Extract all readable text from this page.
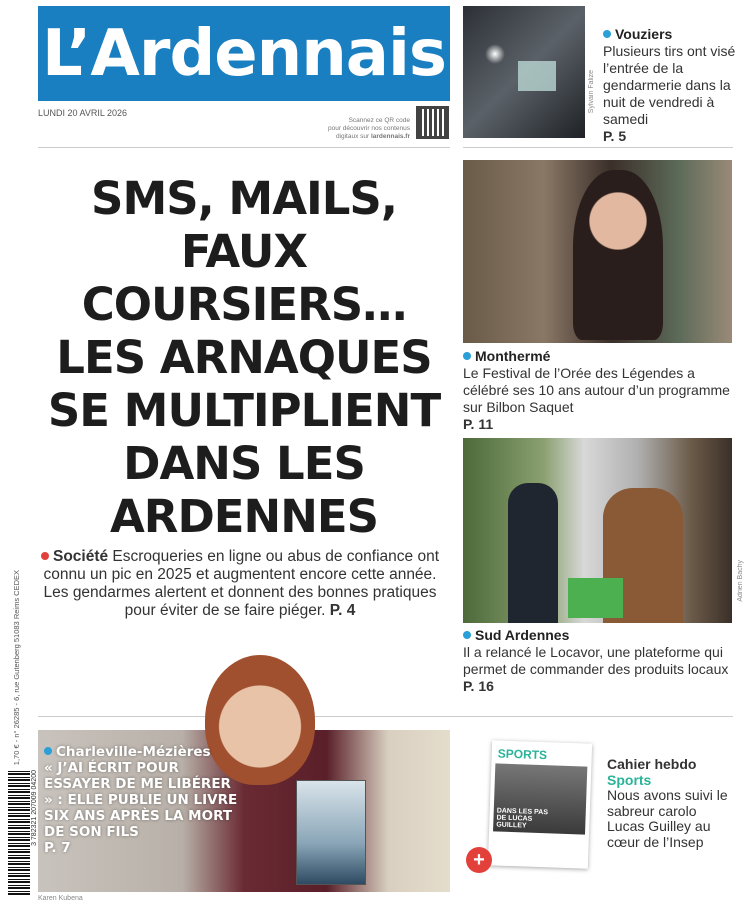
L’Ardennais
LUNDI 20 AVRIL 2026
Scannez ce QR code
pour découvrir nos contenus
digitaux sur lardennais.fr
SMS, MAILS, FAUX COURSIERS… LES ARNAQUES SE MULTIPLIENT DANS LES ARDENNES
Société Escroqueries en ligne ou abus de confiance ont connu un pic en 2025 et augmentent encore cette année. Les gendarmes alertent et donnent des bonnes pratiques pour éviter de se faire piéger. P. 4
Sylvain Falize
Vouziers
Plusieurs tirs ont visé l’entrée de la gendarmerie dans la nuit de vendredi à samedi
P. 5
Monthermé
Le Festival de l’Orée des Légendes a célébré ses 10 ans autour d’un programme sur Bilbon Saquet
P. 11
Adrien Bachy
Sud Ardennes
Il a relancé le Locavor, une plateforme qui permet de commander des produits locaux
P. 16
Charleville-Mézières
« J’AI ÉCRIT POUR ESSAYER DE ME LIBÉRER » : ELLE PUBLIE UN LIVRE SIX ANS APRÈS LA MORT DE SON FILS
P. 7
Karen Kubena
SPORTS
DANS LES PAS DE LUCAS GUILLEY
+
Cahier hebdo
Sports
Nous avons suivi le sabreur carolo Lucas Guilley au cœur de l’Insep
1,70 € - n° 26285 - 6, rue Gutenberg 51083 Reims CEDEX
3 782321 207009 04200
